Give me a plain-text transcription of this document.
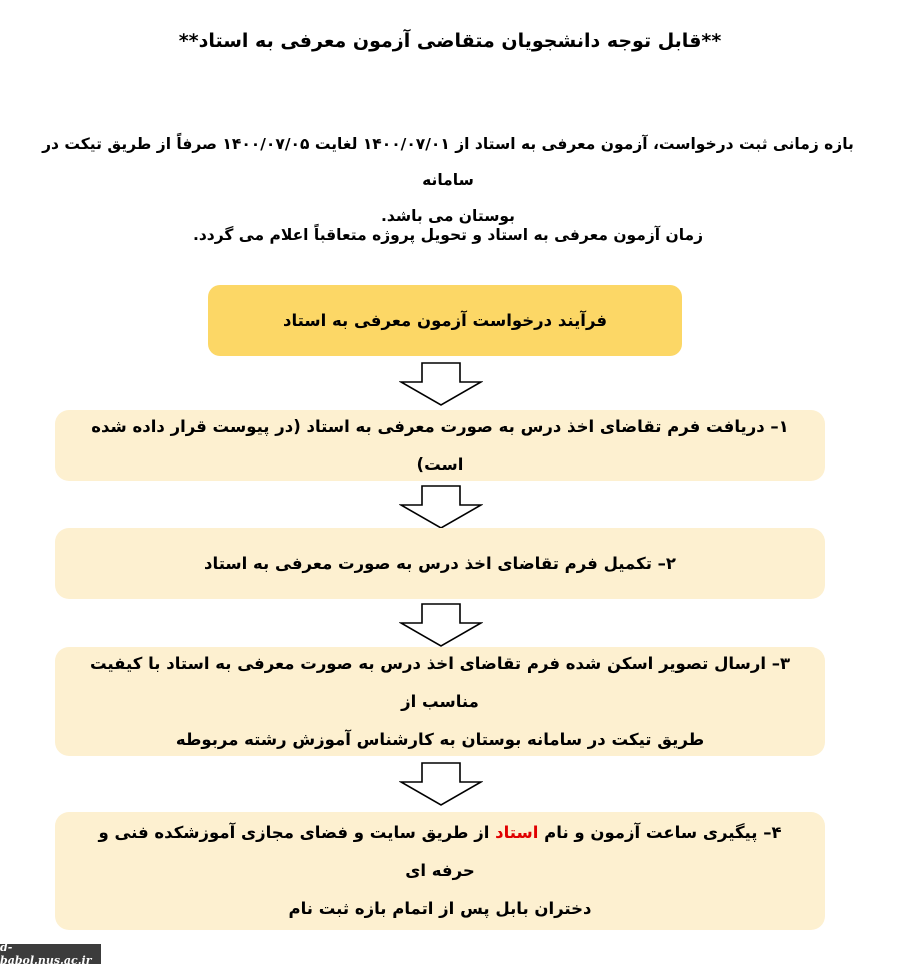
**قابل توجه دانشجویان متقاضی آزمون معرفی به استاد**
بازه زمانی ثبت درخواست، آزمون معرفی به استاد از ۱۴۰۰/۰۷/۰۱ لغایت ۱۴۰۰/۰۷/۰۵ صرفاً از طریق تیکت در سامانه
بوستان می باشد.
زمان آزمون معرفی به استاد و تحویل پروژه متعاقباً اعلام می گردد.
فرآیند درخواست آزمون معرفی به استاد
۱– دریافت فرم تقاضای اخذ درس به صورت معرفی به استاد (در پیوست قرار داده شده است)
۲– تکمیل فرم تقاضای اخذ درس به صورت معرفی به استاد
۳– ارسال تصویر اسکن شده فرم تقاضای اخذ درس به صورت معرفی به استاد با کیفیت مناسب از
طریق تیکت در سامانه بوستان به کارشناس آموزش رشته مربوطه
۴– پیگیری ساعت آزمون و نام استاد از طریق سایت و فضای مجازی آموزشکده فنی و حرفه ای
دختران بابل پس از اتمام بازه ثبت نام
d-babol.nus.ac.ir
